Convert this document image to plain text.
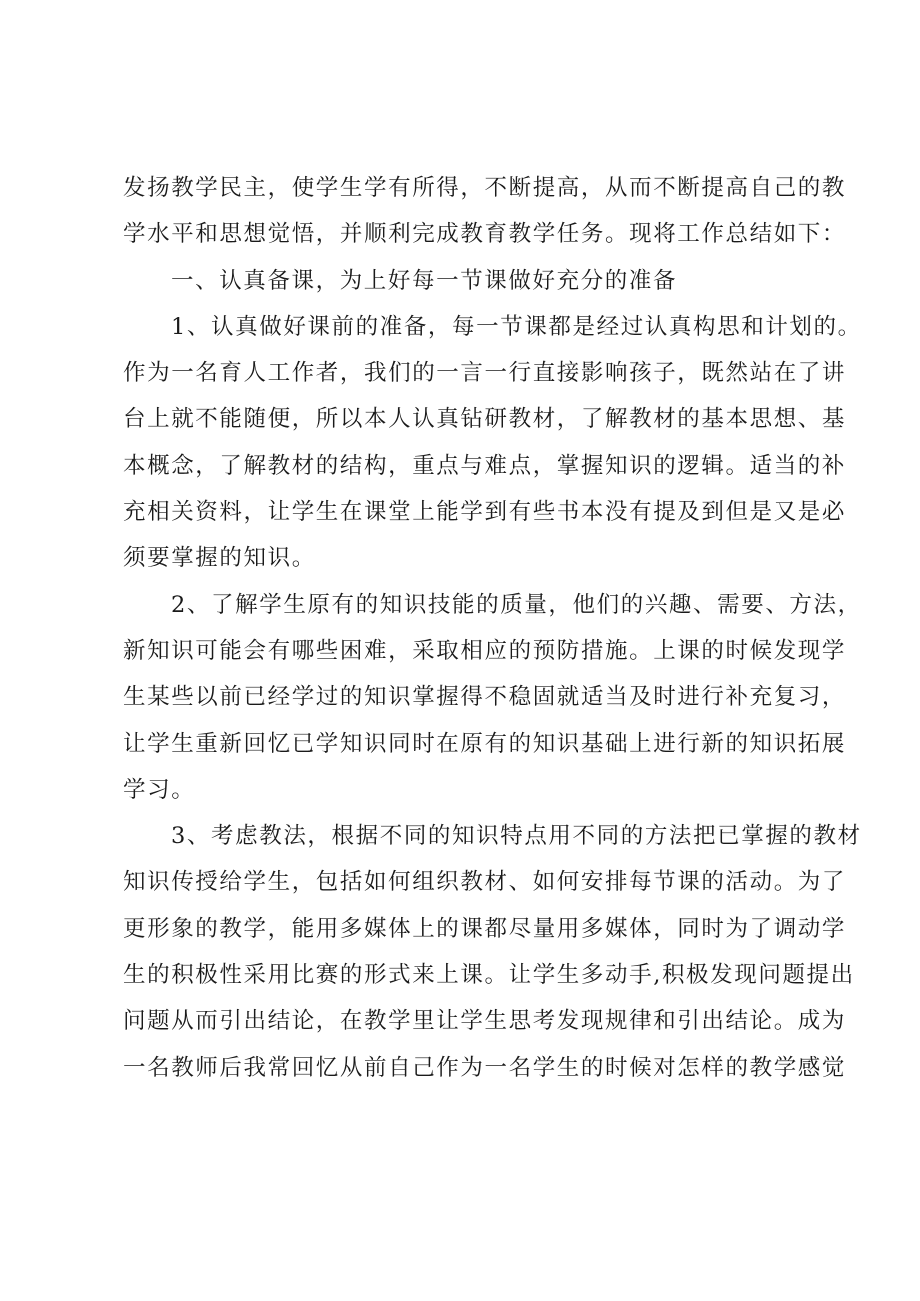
发扬教学民主，使学生学有所得，不断提高，从而不断提高自己的教
学水平和思想觉悟，并顺利完成教育教学任务。现将工作总结如下：

一、认真备课，为上好每一节课做好充分的准备

1、认真做好课前的准备，每一节课都是经过认真构思和计划的。
作为一名育人工作者，我们的一言一行直接影响孩子，既然站在了讲
台上就不能随便，所以本人认真钻研教材，了解教材的基本思想、基
本概念，了解教材的结构，重点与难点，掌握知识的逻辑。适当的补
充相关资料，让学生在课堂上能学到有些书本没有提及到但是又是必
须要掌握的知识。

2、了解学生原有的知识技能的质量，他们的兴趣、需要、方法，
新知识可能会有哪些困难，采取相应的预防措施。上课的时候发现学
生某些以前已经学过的知识掌握得不稳固就适当及时进行补充复习，
让学生重新回忆已学知识同时在原有的知识基础上进行新的知识拓展
学习。

3、考虑教法，根据不同的知识特点用不同的方法把已掌握的教材
知识传授给学生，包括如何组织教材、如何安排每节课的活动。为了
更形象的教学，能用多媒体上的课都尽量用多媒体，同时为了调动学
生的积极性采用比赛的形式来上课。让学生多动手,积极发现问题提出
问题从而引出结论，在教学里让学生思考发现规律和引出结论。成为
一名教师后我常回忆从前自己作为一名学生的时候对怎样的教学感觉
